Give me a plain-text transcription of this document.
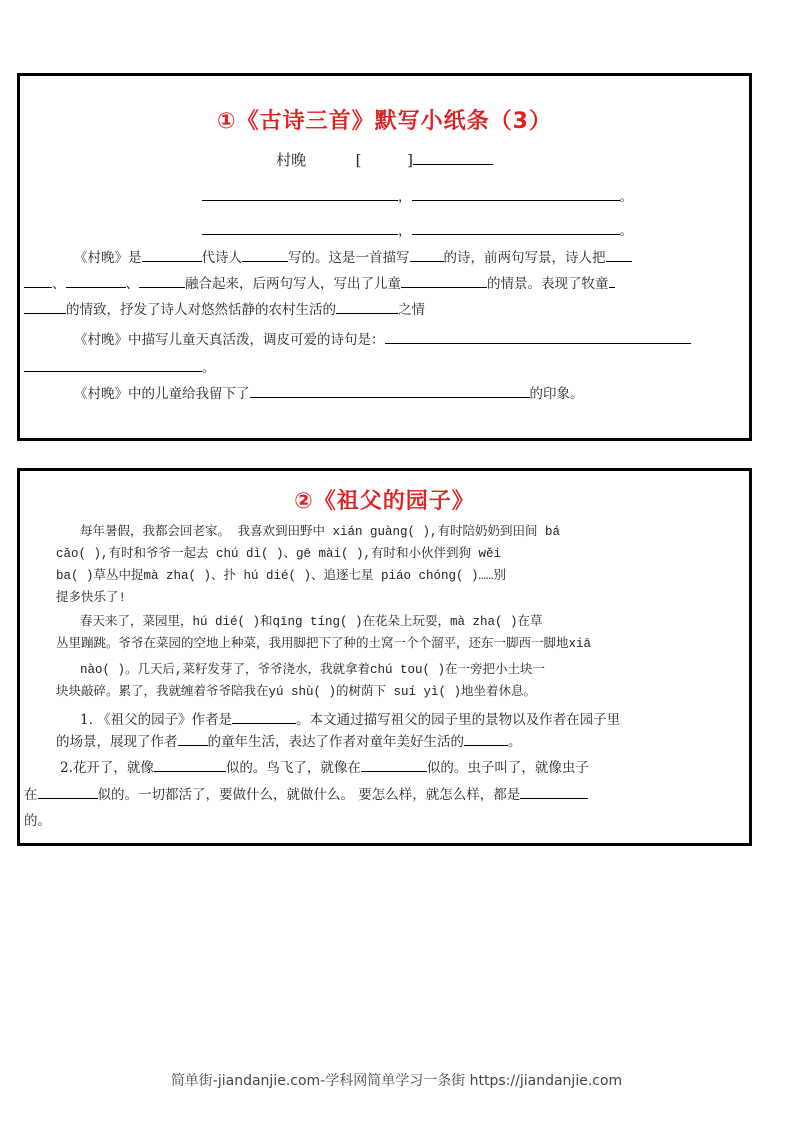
①《古诗三首》默写小纸条（3）
村晚	[	]
，	。
，	。
《村晚》是	代诗人	写的。这是一首描写	的诗，前两句写景，诗人把
、	、	融合起来，后两句写人，写出了儿童	的情景。表现了牧童
的情致，抒发了诗人对悠然恬静的农村生活的	之情
《村晚》中描写儿童天真活泼，调皮可爱的诗句是：
。
《村晚》中的儿童给我留下了	的印象。
②《祖父的园子》
每年暑假，我都会回老家。 我喜欢到田野中 xián guàng( ),有时陪奶奶到田间 bá
cǎo( ),有时和爷爷一起去 chú dì( )、gē mài( ),有时和小伙伴到狗 wěi
ba( )草丛中捉mà zha( )、扑 hú dié( )、追逐七星 piáo chóng( )……别
提多快乐了!
春天来了，菜园里，hú dié( )和qīng tíng( )在花朵上玩耍，mà zha( )在草
丛里蹦跳。爷爷在菜园的空地上种菜，我用脚把下了种的土窝一个个溜平，还东一脚西一脚地xiā
nào( )。几天后,菜籽发芽了，爷爷浇水，我就拿着chú tou( )在一旁把小土块一
块块敲碎。累了，我就缠着爷爷陪我在yú shù( )的树荫下 suí yì( )地坐着休息。
1. 《祖父的园子》作者是	。本文通过描写祖父的园子里的景物以及作者在园子里
的场景，展现了作者 的童年生活，表达了作者对童年美好生活的	。
2.花开了，就像	似的。鸟飞了，就像在	似的。虫子叫了，就像虫子
在	似的。一切都活了，要做什么，就做什么。 要怎么样，就怎么样，都是
的。
简单街-jiandanjie.com-学科网简单学习一条街 https://jiandanjie.com
